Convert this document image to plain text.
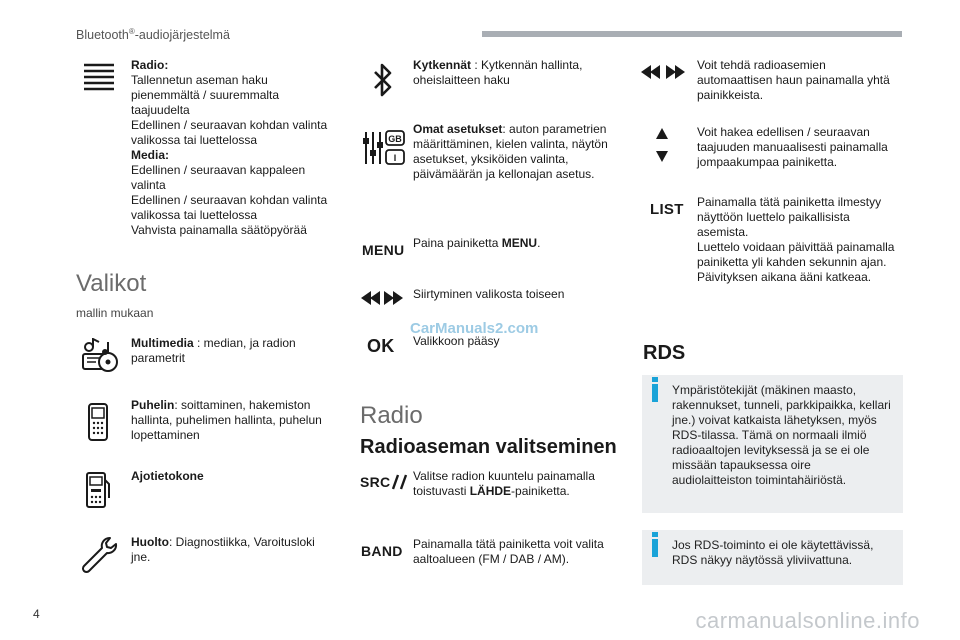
Bluetooth®-audiojärjestelmä
Radio:
Tallennetun aseman haku
pienemmältä / suuremmalta
taajuudelta
Edellinen / seuraavan kohdan valinta
valikossa tai luettelossa
Media:
Edellinen / seuraavan kappaleen
valinta
Edellinen / seuraavan kohdan valinta
valikossa tai luettelossa
Vahvista painamalla säätöpyörää
Valikot
mallin mukaan
Multimedia : median, ja radion parametrit
Puhelin: soittaminen, hakemiston hallinta, puhelimen hallinta, puhelun lopettaminen
Ajotietokone
Huolto: Diagnostiikka, Varoitusloki jne.
Kytkennät : Kytkennän hallinta, oheislaitteen haku
GB
I
Omat asetukset: auton parametrien määrittäminen, kielen valinta, näytön asetukset, yksiköiden valinta, päivämäärän ja kellonajan asetus.
MENU Paina painiketta MENU.
Siirtyminen valikosta toiseen
OK Valikkoon pääsy
Radio
Radioaseman valitseminen
SRC Valitse radion kuuntelu painamalla toistuvasti LÄHDE-painiketta.
BAND Painamalla tätä painiketta voit valita aaltoalueen (FM / DAB / AM).
Voit tehdä radioasemien automaattisen haun painamalla yhtä painikkeista.
Voit hakea edellisen / seuraavan taajuuden manuaalisesti painamalla jompaakumpaa painiketta.
LIST Painamalla tätä painiketta ilmestyy näyttöön luettelo paikallisista asemista.
Luettelo voidaan päivittää painamalla painiketta yli kahden sekunnin ajan. Päivityksen aikana ääni katkeaa.
RDS
Ympäristötekijät (mäkinen maasto, rakennukset, tunneli, parkkipaikka, kellari jne.) voivat katkaista lähetyksen, myös RDS-tilassa. Tämä on normaali ilmiö radioaaltojen levityksessä ja se ei ole missään tapauksessa oire audiolaitteiston toimintahäiriöstä.
Jos RDS-toiminto ei ole käytettävissä, RDS näkyy näytössä yliviivattuna.
CarManuals2.com
4	carmanualsonline.info
